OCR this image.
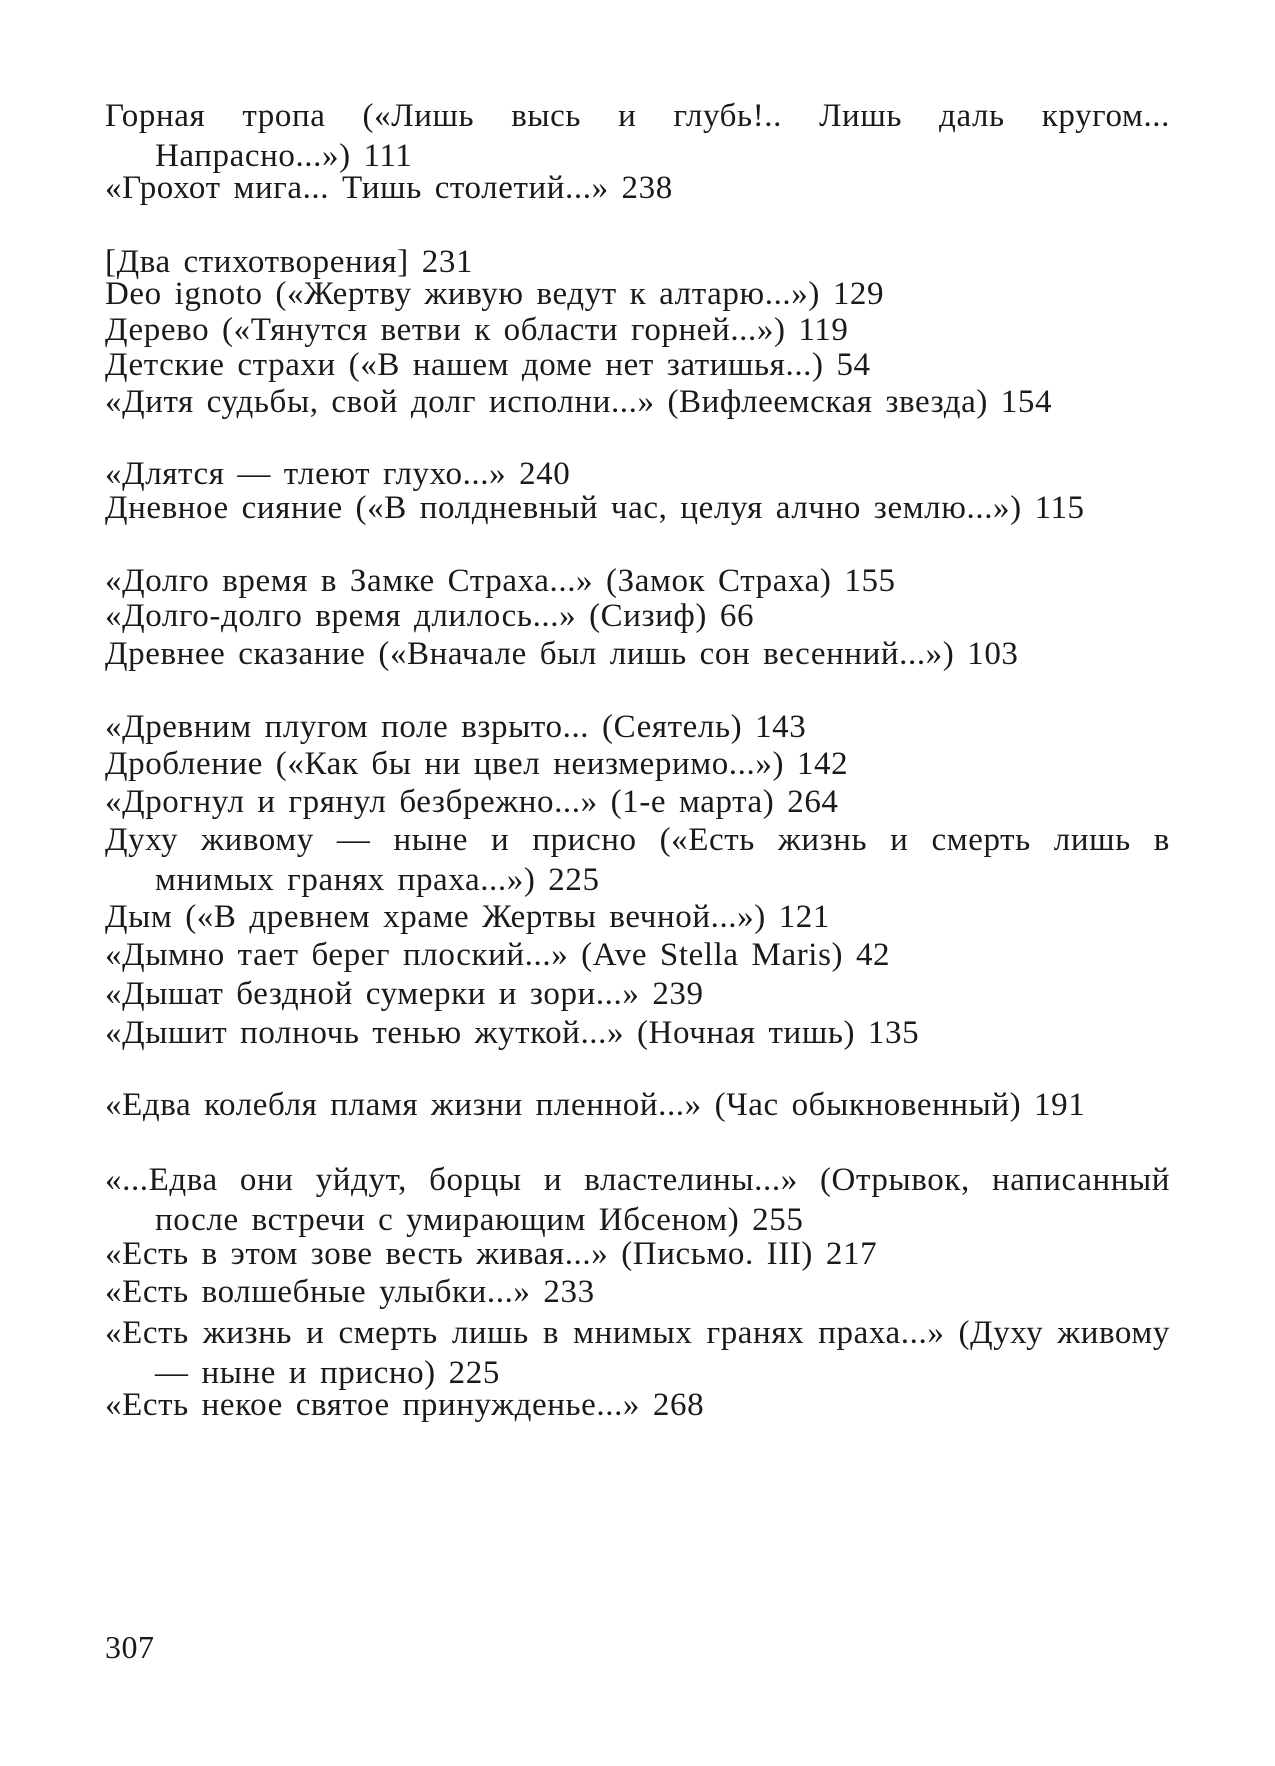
Горная тропа («Лишь высь и глубь!.. Лишь даль кругом... Напрасно...») 111

«Грохот мига... Тишь столетий...» 238

[Два стихотворения] 231

Deo ignoto («Жертву живую ведут к алтарю...») 129

Дерево («Тянутся ветви к области горней...») 119

Детские страхи («В нашем доме нет затишья...) 54

«Дитя судьбы, свой долг исполни...» (Вифлеемская звезда) 154

«Длятся — тлеют глухо...» 240

Дневное сияние («В полдневный час, целуя алчно землю...») 115

«Долго время в Замке Страха...» (Замок Страха) 155

«Долго-долго время длилось...» (Сизиф) 66

Древнее сказание («Вначале был лишь сон весенний...») 103

«Древним плугом поле взрыто... (Сеятель) 143

Дробление («Как бы ни цвел неизмеримо...») 142

«Дрогнул и грянул безбрежно...» (1-е марта) 264

Духу живому — ныне и присно («Есть жизнь и смерть лишь в мнимых гранях праха...») 225

Дым («В древнем храме Жертвы вечной...») 121

«Дымно тает берег плоский...» (Ave Stella Maris) 42

«Дышат бездной сумерки и зори...» 239

«Дышит полночь тенью жуткой...» (Ночная тишь) 135

«Едва колебля пламя жизни пленной...» (Час обыкновенный) 191

«...Едва они уйдут, борцы и властелины...» (Отрывок, написанный после встречи с умирающим Ибсеном) 255

«Есть в этом зове весть живая...» (Письмо. III) 217

«Есть волшебные улыбки...» 233

«Есть жизнь и смерть лишь в мнимых гранях праха...» (Духу живому — ныне и присно) 225

«Есть некое святое принужденье...» 268

307
